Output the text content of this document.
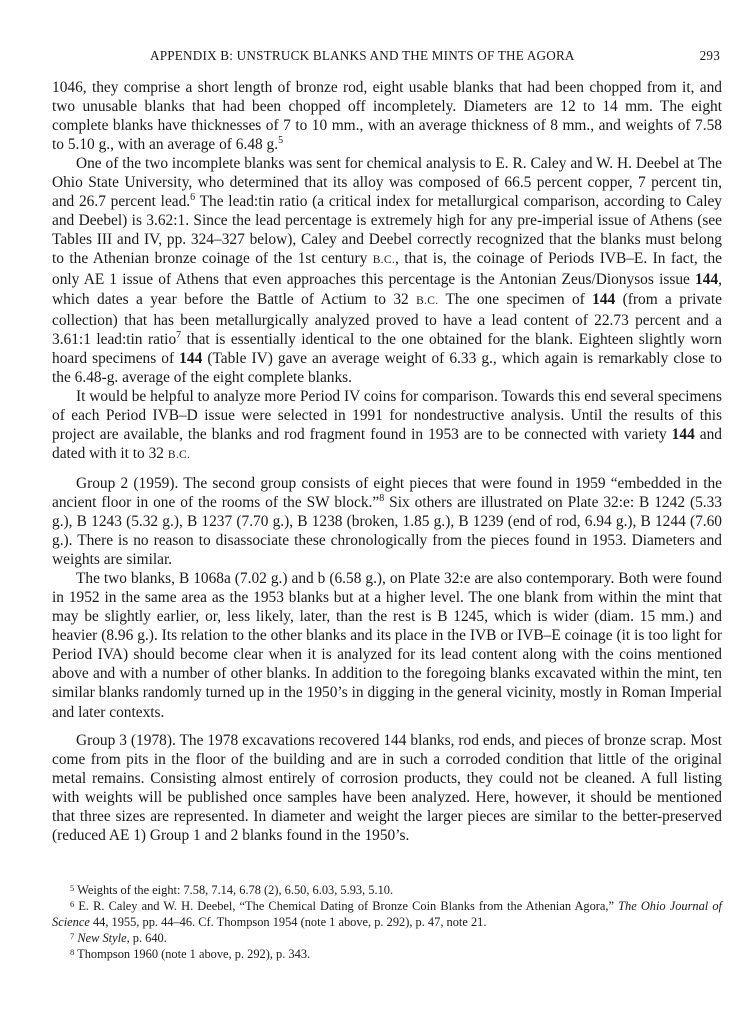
APPENDIX B: UNSTRUCK BLANKS AND THE MINTS OF THE AGORA	293

1046, they comprise a short length of bronze rod, eight usable blanks that had been chopped from it, and two unusable blanks that had been chopped off incompletely. Diameters are 12 to 14 mm. The eight complete blanks have thicknesses of 7 to 10 mm., with an average thickness of 8 mm., and weights of 7.58 to 5.10 g., with an average of 6.48 g.$^5$

One of the two incomplete blanks was sent for chemical analysis to E. R. Caley and W. H. Deebel at The Ohio State University, who determined that its alloy was composed of 66.5 percent copper, 7 percent tin, and 26.7 percent lead.$^6$ The lead:tin ratio (a critical index for metallurgical comparison, according to Caley and Deebel) is 3.62:1. Since the lead percentage is extremely high for any pre-imperial issue of Athens (see Tables III and IV, pp. 324–327 below), Caley and Deebel correctly recognized that the blanks must belong to the Athenian bronze coinage of the 1st century B.C., that is, the coinage of Periods IVB–E. In fact, the only AE 1 issue of Athens that even approaches this percentage is the Antonian Zeus/Dionysos issue 144, which dates a year before the Battle of Actium to 32 B.C. The one specimen of 144 (from a private collection) that has been metallurgically analyzed proved to have a lead content of 22.73 percent and a 3.61:1 lead:tin ratio$^7$ that is essentially identical to the one obtained for the blank. Eighteen slightly worn hoard specimens of 144 (Table IV) gave an average weight of 6.33 g., which again is remarkably close to the 6.48-g. average of the eight complete blanks.

It would be helpful to analyze more Period IV coins for comparison. Towards this end several specimens of each Period IVB–D issue were selected in 1991 for nondestructive analysis. Until the results of this project are available, the blanks and rod fragment found in 1953 are to be connected with variety 144 and dated with it to 32 B.C.

Group 2 (1959). The second group consists of eight pieces that were found in 1959 “embedded in the ancient floor in one of the rooms of the SW block.”$^8$ Six others are illustrated on Plate 32:e: B 1242 (5.33 g.), B 1243 (5.32 g.), B 1237 (7.70 g.), B 1238 (broken, 1.85 g.), B 1239 (end of rod, 6.94 g.), B 1244 (7.60 g.). There is no reason to disassociate these chronologically from the pieces found in 1953. Diameters and weights are similar.

The two blanks, B 1068a (7.02 g.) and b (6.58 g.), on Plate 32:e are also contemporary. Both were found in 1952 in the same area as the 1953 blanks but at a higher level. The one blank from within the mint that may be slightly earlier, or, less likely, later, than the rest is B 1245, which is wider (diam. 15 mm.) and heavier (8.96 g.). Its relation to the other blanks and its place in the IVB or IVB–E coinage (it is too light for Period IVA) should become clear when it is analyzed for its lead content along with the coins mentioned above and with a number of other blanks. In addition to the foregoing blanks excavated within the mint, ten similar blanks randomly turned up in the 1950’s in digging in the general vicinity, mostly in Roman Imperial and later contexts.

Group 3 (1978). The 1978 excavations recovered 144 blanks, rod ends, and pieces of bronze scrap. Most come from pits in the floor of the building and are in such a corroded condition that little of the original metal remains. Consisting almost entirely of corrosion products, they could not be cleaned. A full listing with weights will be published once samples have been analyzed. Here, however, it should be mentioned that three sizes are represented. In diameter and weight the larger pieces are similar to the better-preserved (reduced AE 1) Group 1 and 2 blanks found in the 1950’s.

$^5$ Weights of the eight: 7.58, 7.14, 6.78 (2), 6.50, 6.03, 5.93, 5.10.
$^6$ E. R. Caley and W. H. Deebel, “The Chemical Dating of Bronze Coin Blanks from the Athenian Agora,” The Ohio Journal of Science 44, 1955, pp. 44–46. Cf. Thompson 1954 (note 1 above, p. 292), p. 47, note 21.
$^7$ New Style, p. 640.
$^8$ Thompson 1960 (note 1 above, p. 292), p. 343.
